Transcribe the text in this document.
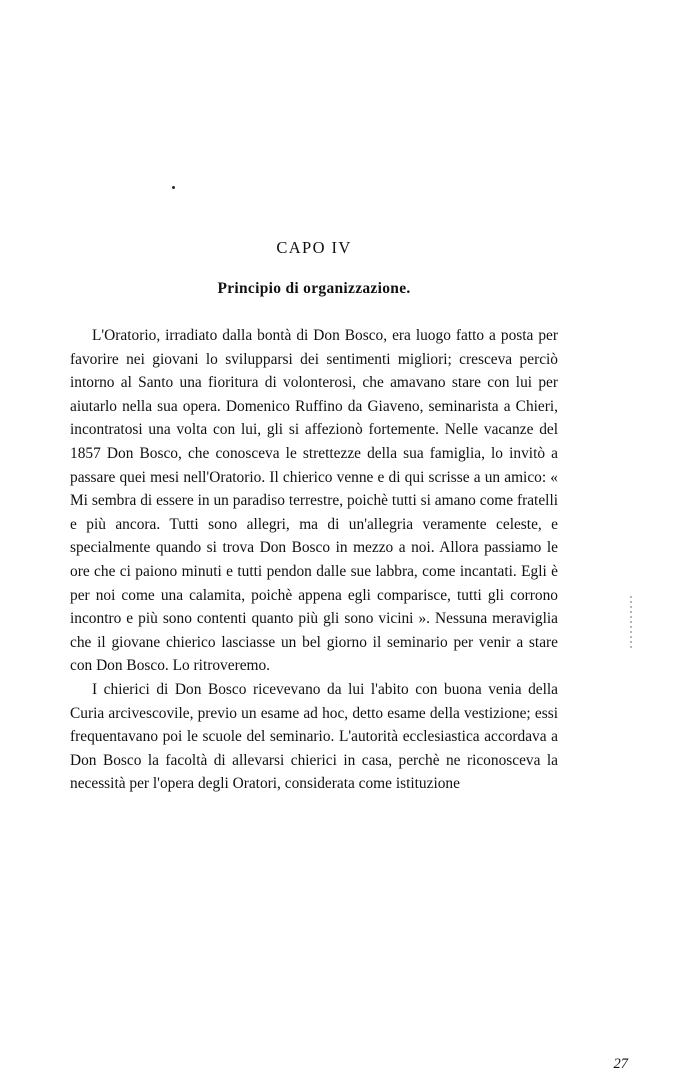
CAPO IV
Principio di organizzazione.

L'Oratorio, irradiato dalla bontà di Don Bosco, era luogo fatto a posta per favorire nei giovani lo svilupparsi dei sentimenti migliori; cresceva perciò intorno al Santo una fioritura di volonterosi, che amavano stare con lui per aiutarlo nella sua opera. Domenico Ruffino da Giaveno, seminarista a Chieri, incontratosi una volta con lui, gli si affezionò fortemente. Nelle vacanze del 1857 Don Bosco, che conosceva le strettezze della sua famiglia, lo invitò a passare quei mesi nell'Oratorio. Il chierico venne e di qui scrisse a un amico: « Mi sembra di essere in un paradiso terrestre, poichè tutti si amano come fratelli e più ancora. Tutti sono allegri, ma di un'allegria veramente celeste, e specialmente quando si trova Don Bosco in mezzo a noi. Allora passiamo le ore che ci paiono minuti e tutti pendon dalle sue labbra, come incantati. Egli è per noi come una calamita, poichè appena egli comparisce, tutti gli corrono incontro e più sono contenti quanto più gli sono vicini ». Nessuna meraviglia che il giovane chierico lasciasse un bel giorno il seminario per venir a stare con Don Bosco. Lo ritroveremo.

I chierici di Don Bosco ricevevano da lui l'abito con buona venia della Curia arcivescovile, previo un esame ad hoc, detto esame della vestizione; essi frequentavano poi le scuole del seminario. L'autorità ecclesiastica accordava a Don Bosco la facoltà di allevarsi chierici in casa, perchè ne riconosceva la necessità per l'opera degli Oratori, considerata come istituzione

27
